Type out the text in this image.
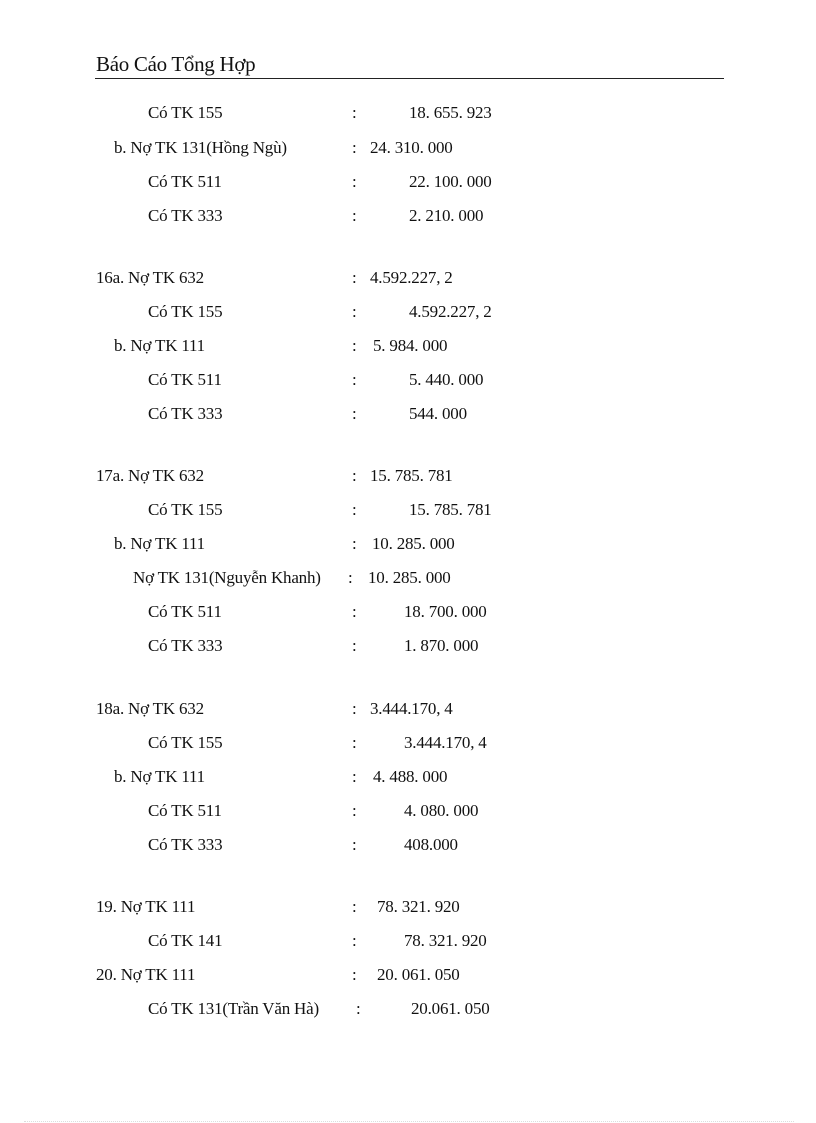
Báo Cáo Tổng Hợp
Có TK 155	:	18. 655. 923
b. Nợ TK 131(Hồng Ngù)	: 24. 310. 000
Có TK 511	:	22. 100. 000
Có TK 333	:	2. 210. 000
16a. Nợ TK 632	: 4.592.227, 2
Có TK 155	:	4.592.227, 2
b. Nợ TK 111	: 5. 984. 000
Có TK 511	:	5. 440. 000
Có TK 333	:	544. 000
17a. Nợ TK 632	: 15. 785. 781
Có TK 155	:	15. 785. 781
b. Nợ TK 111	: 10. 285. 000
Nợ TK 131(Nguyễn Khanh) : 10. 285. 000
Có TK 511	:	18. 700. 000
Có TK 333	:	1. 870. 000
18a. Nợ TK 632	: 3.444.170, 4
Có TK 155	:	3.444.170, 4
b. Nợ TK 111	: 4. 488. 000
Có TK 511	:	4. 080. 000
Có TK 333	:	408.000
19. Nợ TK 111	: 78. 321. 920
Có TK 141	:	78. 321. 920
20. Nợ TK 111	: 20. 061. 050
Có TK 131(Trần Văn Hà) :	20.061. 050
